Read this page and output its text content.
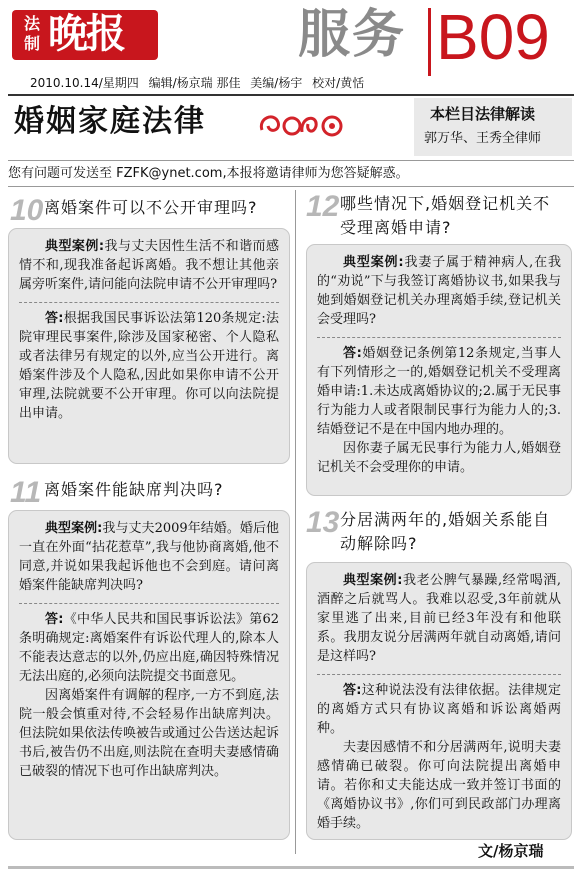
法制 晚报	服务 B09
2010.10.14/星期四 编辑/杨京瑞 那佳 美编/杨宇 校对/黄恬
婚姻家庭法律	本栏目法律解读
郭万华、王秀全律师
您有问题可发送至 FZFK@ynet.com,本报将邀请律师为您答疑解惑。
10 离婚案件可以不公开审理吗?

典型案例:我与丈夫因性生活不和谐而感情不和,现我准备起诉离婚。我不想让其他亲属旁听案件,请问能向法院申请不公开审理吗?

答:根据我国民事诉讼法第120条规定:法院审理民事案件,除涉及国家秘密、个人隐私或者法律另有规定的以外,应当公开进行。离婚案件涉及个人隐私,因此如果你申请不公开审理,法院就要不公开审理。你可以向法院提出申请。

11 离婚案件能缺席判决吗?

典型案例:我与丈夫2009年结婚。婚后他一直在外面“拈花惹草”,我与他协商离婚,他不同意,并说如果我起诉他也不会到庭。请问离婚案件能缺席判决吗?

答:《中华人民共和国民事诉讼法》第62条明确规定:离婚案件有诉讼代理人的,除本人不能表达意志的以外,仍应出庭,确因特殊情况无法出庭的,必须向法院提交书面意见。

因离婚案件有调解的程序,一方不到庭,法院一般会慎重对待,不会轻易作出缺席判决。但法院如果依法传唤被告或通过公告送达起诉书后,被告仍不出庭,则法院在查明夫妻感情确已破裂的情况下也可作出缺席判决。

12 哪些情况下,婚姻登记机关不受理离婚申请?

典型案例:我妻子属于精神病人,在我的“劝说”下与我签订离婚协议书,如果我与她到婚姻登记机关办理离婚手续,登记机关会受理吗?

答:婚姻登记条例第12条规定,当事人有下列情形之一的,婚姻登记机关不受理离婚申请:1.未达成离婚协议的;2.属于无民事行为能力人或者限制民事行为能力人的;3.结婚登记不是在中国内地办理的。

因你妻子属无民事行为能力人,婚姻登记机关不会受理你的申请。

13 分居满两年的,婚姻关系能自动解除吗?

典型案例:我老公脾气暴躁,经常喝酒,酒醉之后就骂人。我难以忍受,3年前就从家里逃了出来,目前已经3年没有和他联系。我朋友说分居满两年就自动离婚,请问是这样吗?

答:这种说法没有法律依据。法律规定的离婚方式只有协议离婚和诉讼离婚两种。

夫妻因感情不和分居满两年,说明夫妻感情确已破裂。你可向法院提出离婚申请。若你和丈夫能达成一致并签订书面的《离婚协议书》,你们可到民政部门办理离婚手续。

文/杨京瑞
